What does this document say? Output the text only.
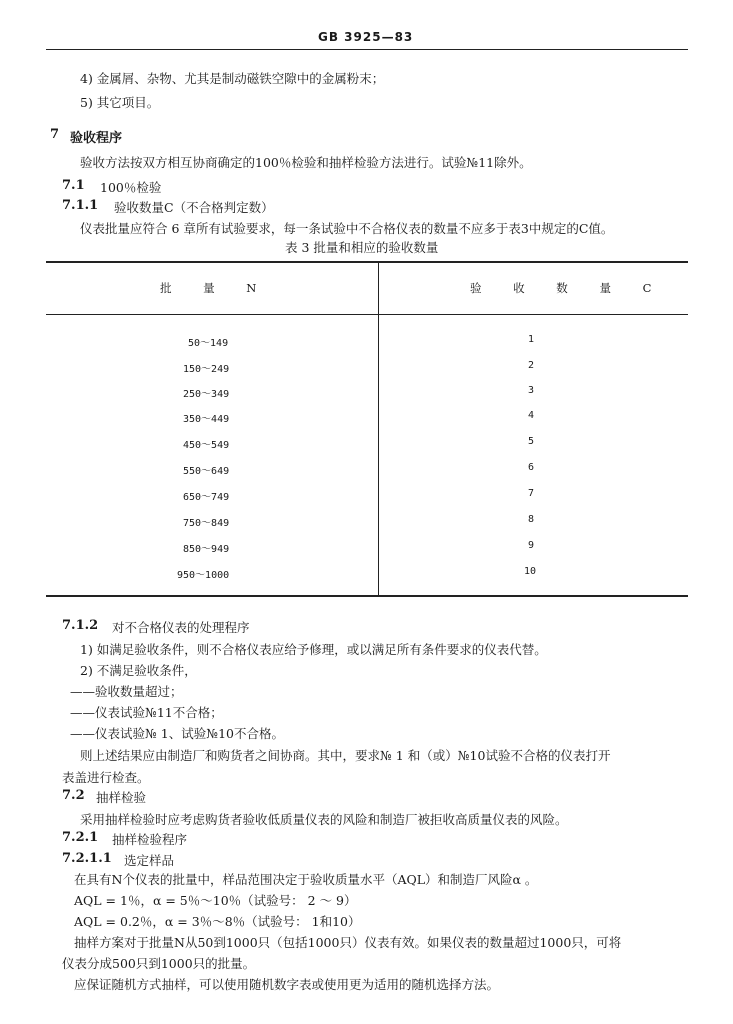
GB 3925—83
4) 金属屑、杂物、尤其是制动磁铁空隙中的金属粉末；
5) 其它项目。
7 验收程序
验收方法按双方相互协商确定的100％检验和抽样检验方法进行。试验№11除外。
7.1 100％检验
7.1.1 验收数量C（不合格判定数）
仪表批量应符合 6 章所有试验要求，每一条试验中不合格仪表的数量不应多于表3中规定的C值。
表 3 批量和相应的验收数量
批 量 N	验 收 数 量 C
50～149	1
150～249	2
250～349	3
350～449	4
450～549	5
550～649	6
650～749	7
750～849	8
850～949	9
950～1000	10
7.1.2 对不合格仪表的处理程序
1) 如满足验收条件，则不合格仪表应给予修理，或以满足所有条件要求的仪表代替。
2) 不满足验收条件，
——验收数量超过；
——仪表试验№11不合格；
——仪表试验№ 1、试验№10不合格。
则上述结果应由制造厂和购货者之间协商。其中，要求№ 1 和（或）№10试验不合格的仪表打开
表盖进行检查。
7.2 抽样检验
采用抽样检验时应考虑购货者验收低质量仪表的风险和制造厂被拒收高质量仪表的风险。
7.2.1 抽样检验程序
7.2.1.1 选定样品
在具有N个仪表的批量中，样品范围决定于验收质量水平（AQL）和制造厂风险α 。
AQL = 1％，α = 5％～10％（试验号： 2 ～ 9）
AQL = 0.2％，α = 3％～8％（试验号： 1和10）
抽样方案对于批量N从50到1000只（包括1000只）仪表有效。如果仪表的数量超过1000只，可将
仪表分成500只到1000只的批量。
应保证随机方式抽样，可以使用随机数字表或使用更为适用的随机选择方法。
